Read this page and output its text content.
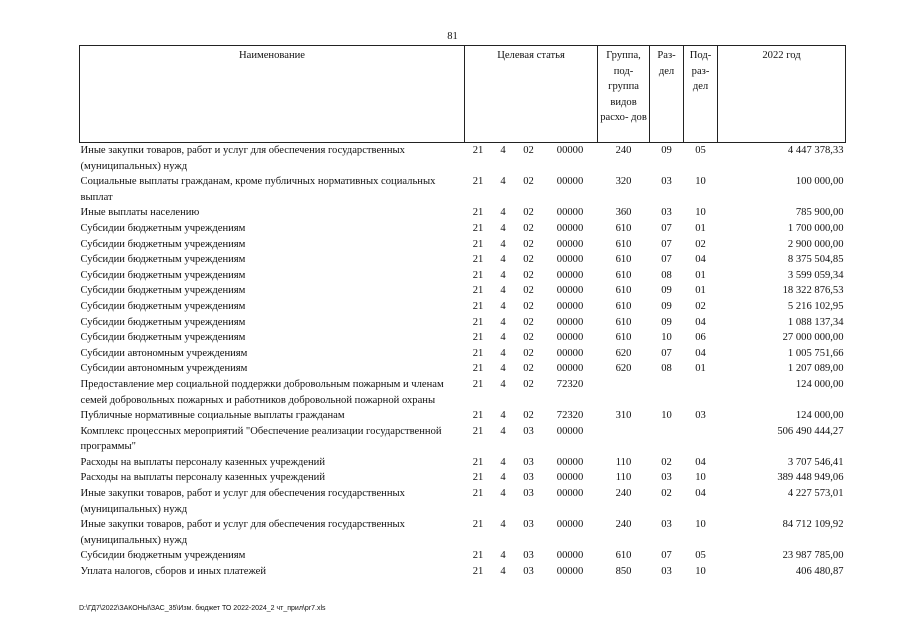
81
Наименование	Целевая статья				Группа, под- группа видов расхо- дов	Раз- дел	Под- раз- дел	2022 год
Иные закупки товаров, работ и услуг для обеспечения государственных (муниципальных) нужд	21	4	02	00000	240	09	05	4 447 378,33
Социальные выплаты гражданам, кроме публичных нормативных социальных выплат	21	4	02	00000	320	03	10	100 000,00
Иные выплаты населению	21	4	02	00000	360	03	10	785 900,00
Субсидии бюджетным учреждениям	21	4	02	00000	610	07	01	1 700 000,00
Субсидии бюджетным учреждениям	21	4	02	00000	610	07	02	2 900 000,00
Субсидии бюджетным учреждениям	21	4	02	00000	610	07	04	8 375 504,85
Субсидии бюджетным учреждениям	21	4	02	00000	610	08	01	3 599 059,34
Субсидии бюджетным учреждениям	21	4	02	00000	610	09	01	18 322 876,53
Субсидии бюджетным учреждениям	21	4	02	00000	610	09	02	5 216 102,95
Субсидии бюджетным учреждениям	21	4	02	00000	610	09	04	1 088 137,34
Субсидии бюджетным учреждениям	21	4	02	00000	610	10	06	27 000 000,00
Субсидии автономным учреждениям	21	4	02	00000	620	07	04	1 005 751,66
Субсидии автономным учреждениям	21	4	02	00000	620	08	01	1 207 089,00
Предоставление мер социальной поддержки добровольным пожарным и членам семей добровольных пожарных и работников добровольной пожарной охраны	21	4	02	72320				124 000,00
Публичные нормативные социальные выплаты гражданам	21	4	02	72320	310	10	03	124 000,00
Комплекс процессных мероприятий "Обеспечение реализации государственной программы"	21	4	03	00000				506 490 444,27
Расходы на выплаты персоналу казенных учреждений	21	4	03	00000	110	02	04	3 707 546,41
Расходы на выплаты персоналу казенных учреждений	21	4	03	00000	110	03	10	389 448 949,06
Иные закупки товаров, работ и услуг для обеспечения государственных (муниципальных) нужд	21	4	03	00000	240	02	04	4 227 573,01
Иные закупки товаров, работ и услуг для обеспечения государственных (муниципальных) нужд	21	4	03	00000	240	03	10	84 712 109,92
Субсидии бюджетным учреждениям	21	4	03	00000	610	07	05	23 987 785,00
Уплата налогов, сборов и иных платежей	21	4	03	00000	850	03	10	406 480,87
D:\ГД7\2022\ЗАКОНЫ\ЗАС_35\Изм. бюджет ТО 2022-2024_2 чт_прил\pr7.xls
